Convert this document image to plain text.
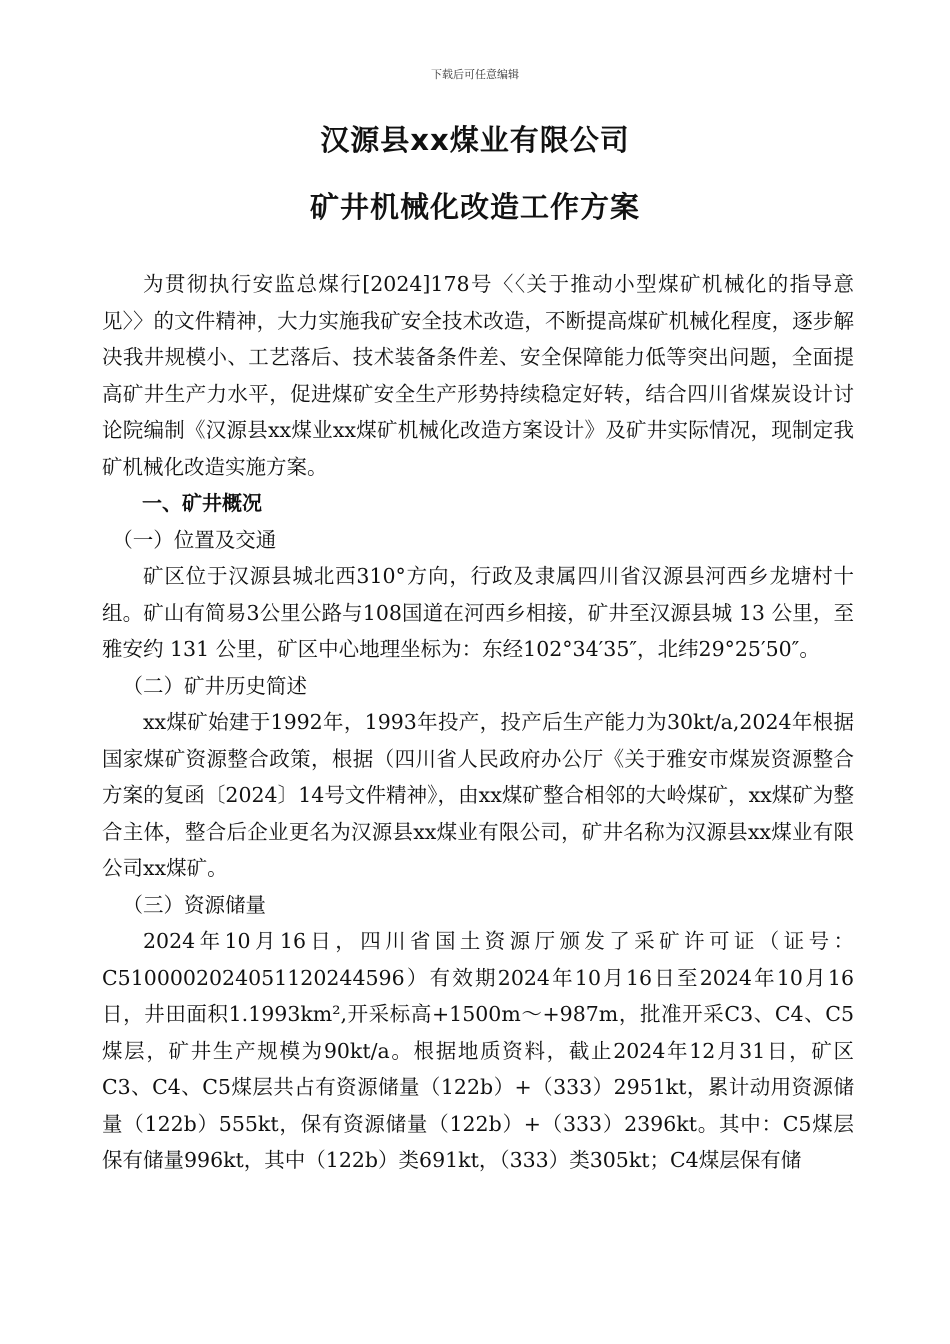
下载后可任意编辑
汉源县xx煤业有限公司
矿井机械化改造工作方案

为贯彻执行安监总煤行[2024]178号〈〈关于推动小型煤矿机械化的指导意见〉〉的文件精神，大力实施我矿安全技术改造，不断提高煤矿机械化程度，逐步解决我井规模小、工艺落后、技术装备条件差、安全保障能力低等突出问题，全面提高矿井生产力水平，促进煤矿安全生产形势持续稳定好转，结合四川省煤炭设计讨论院编制《汉源县xx煤业xx煤矿机械化改造方案设计》及矿井实际情况，现制定我矿机械化改造实施方案。

一、矿井概况

（一）位置及交通

矿区位于汉源县城北西310°方向，行政及隶属四川省汉源县河西乡龙塘村十组。矿山有简易3公里公路与108国道在河西乡相接，矿井至汉源县城 13 公里，至雅安约 131 公里，矿区中心地理坐标为：东经102°34′35″，北纬29°25′50″。

（二）矿井历史简述

xx煤矿始建于1992年，1993年投产，投产后生产能力为30kt/a,2024年根据国家煤矿资源整合政策，根据（四川省人民政府办公厅《关于雅安市煤炭资源整合方案的复函〔2024〕14号文件精神》，由xx煤矿整合相邻的大岭煤矿，xx煤矿为整合主体，整合后企业更名为汉源县xx煤业有限公司，矿井名称为汉源县xx煤业有限公司xx煤矿。

（三）资源储量

2024年10月16日，四川省国土资源厅颁发了采矿许可证（证号：C5100002024051120244596）有效期2024年10月16日至2024年10月16日，井田面积1.1993km²,开采标高+1500m～+987m，批准开采C3、C4、C5煤层，矿井生产规模为90kt/a。根据地质资料，截止2024年12月31日，矿区C3、C4、C5煤层共占有资源储量（122b）+（333）2951kt，累计动用资源储量（122b）555kt，保有资源储量（122b）+（333）2396kt。其中：C5煤层保有储量996kt，其中（122b）类691kt，（333）类305kt；C4煤层保有储
